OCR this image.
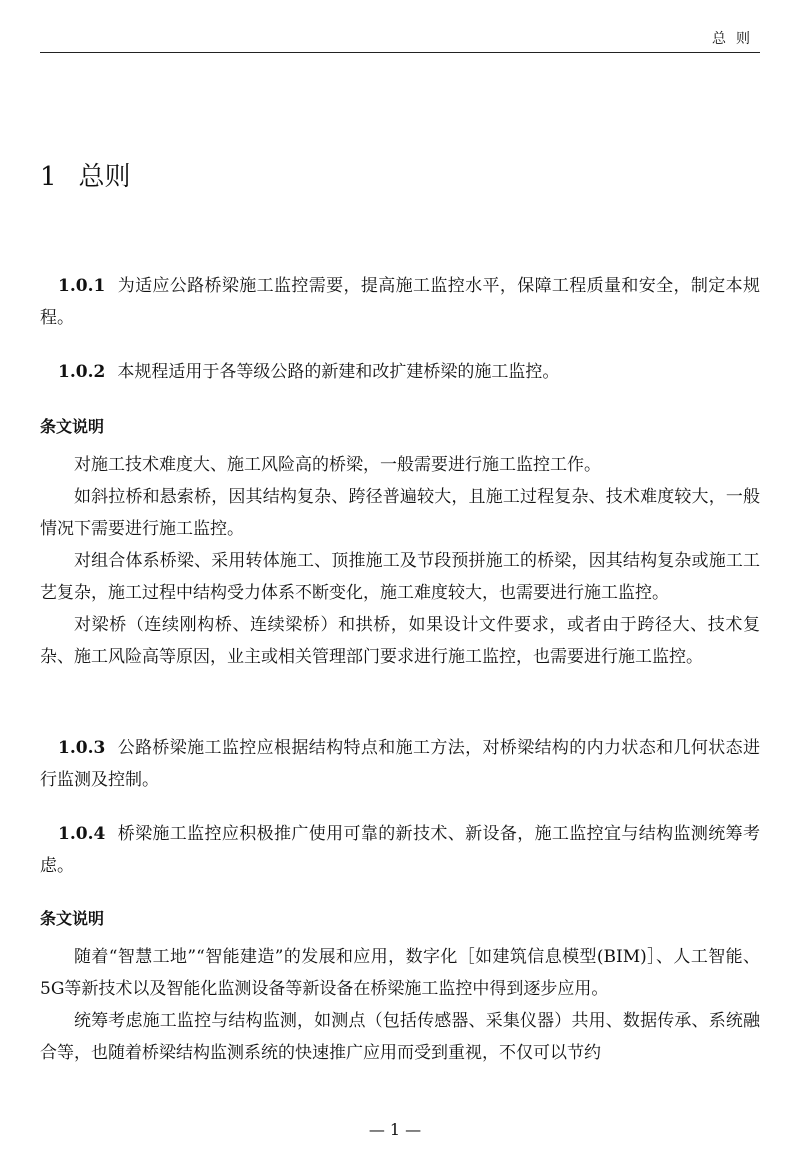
总则
1 总则

1.0.1 为适应公路桥梁施工监控需要，提高施工监控水平，保障工程质量和安全，制定本规程。

1.0.2 本规程适用于各等级公路的新建和改扩建桥梁的施工监控。

条文说明

对施工技术难度大、施工风险高的桥梁，一般需要进行施工监控工作。

如斜拉桥和悬索桥，因其结构复杂、跨径普遍较大，且施工过程复杂、技术难度较大，一般情况下需要进行施工监控。

对组合体系桥梁、采用转体施工、顶推施工及节段预拼施工的桥梁，因其结构复杂或施工工艺复杂，施工过程中结构受力体系不断变化，施工难度较大，也需要进行施工监控。

对梁桥（连续刚构桥、连续梁桥）和拱桥，如果设计文件要求，或者由于跨径大、技术复杂、施工风险高等原因，业主或相关管理部门要求进行施工监控，也需要进行施工监控。

1.0.3 公路桥梁施工监控应根据结构特点和施工方法，对桥梁结构的内力状态和几何状态进行监测及控制。

1.0.4 桥梁施工监控应积极推广使用可靠的新技术、新设备，施工监控宜与结构监测统筹考虑。

条文说明

随着“智慧工地”“智能建造”的发展和应用，数字化［如建筑信息模型(BIM)］、人工智能、5G等新技术以及智能化监测设备等新设备在桥梁施工监控中得到逐步应用。

统筹考虑施工监控与结构监测，如测点（包括传感器、采集仪器）共用、数据传承、系统融合等，也随着桥梁结构监测系统的快速推广应用而受到重视，不仅可以节约

— 1 —
